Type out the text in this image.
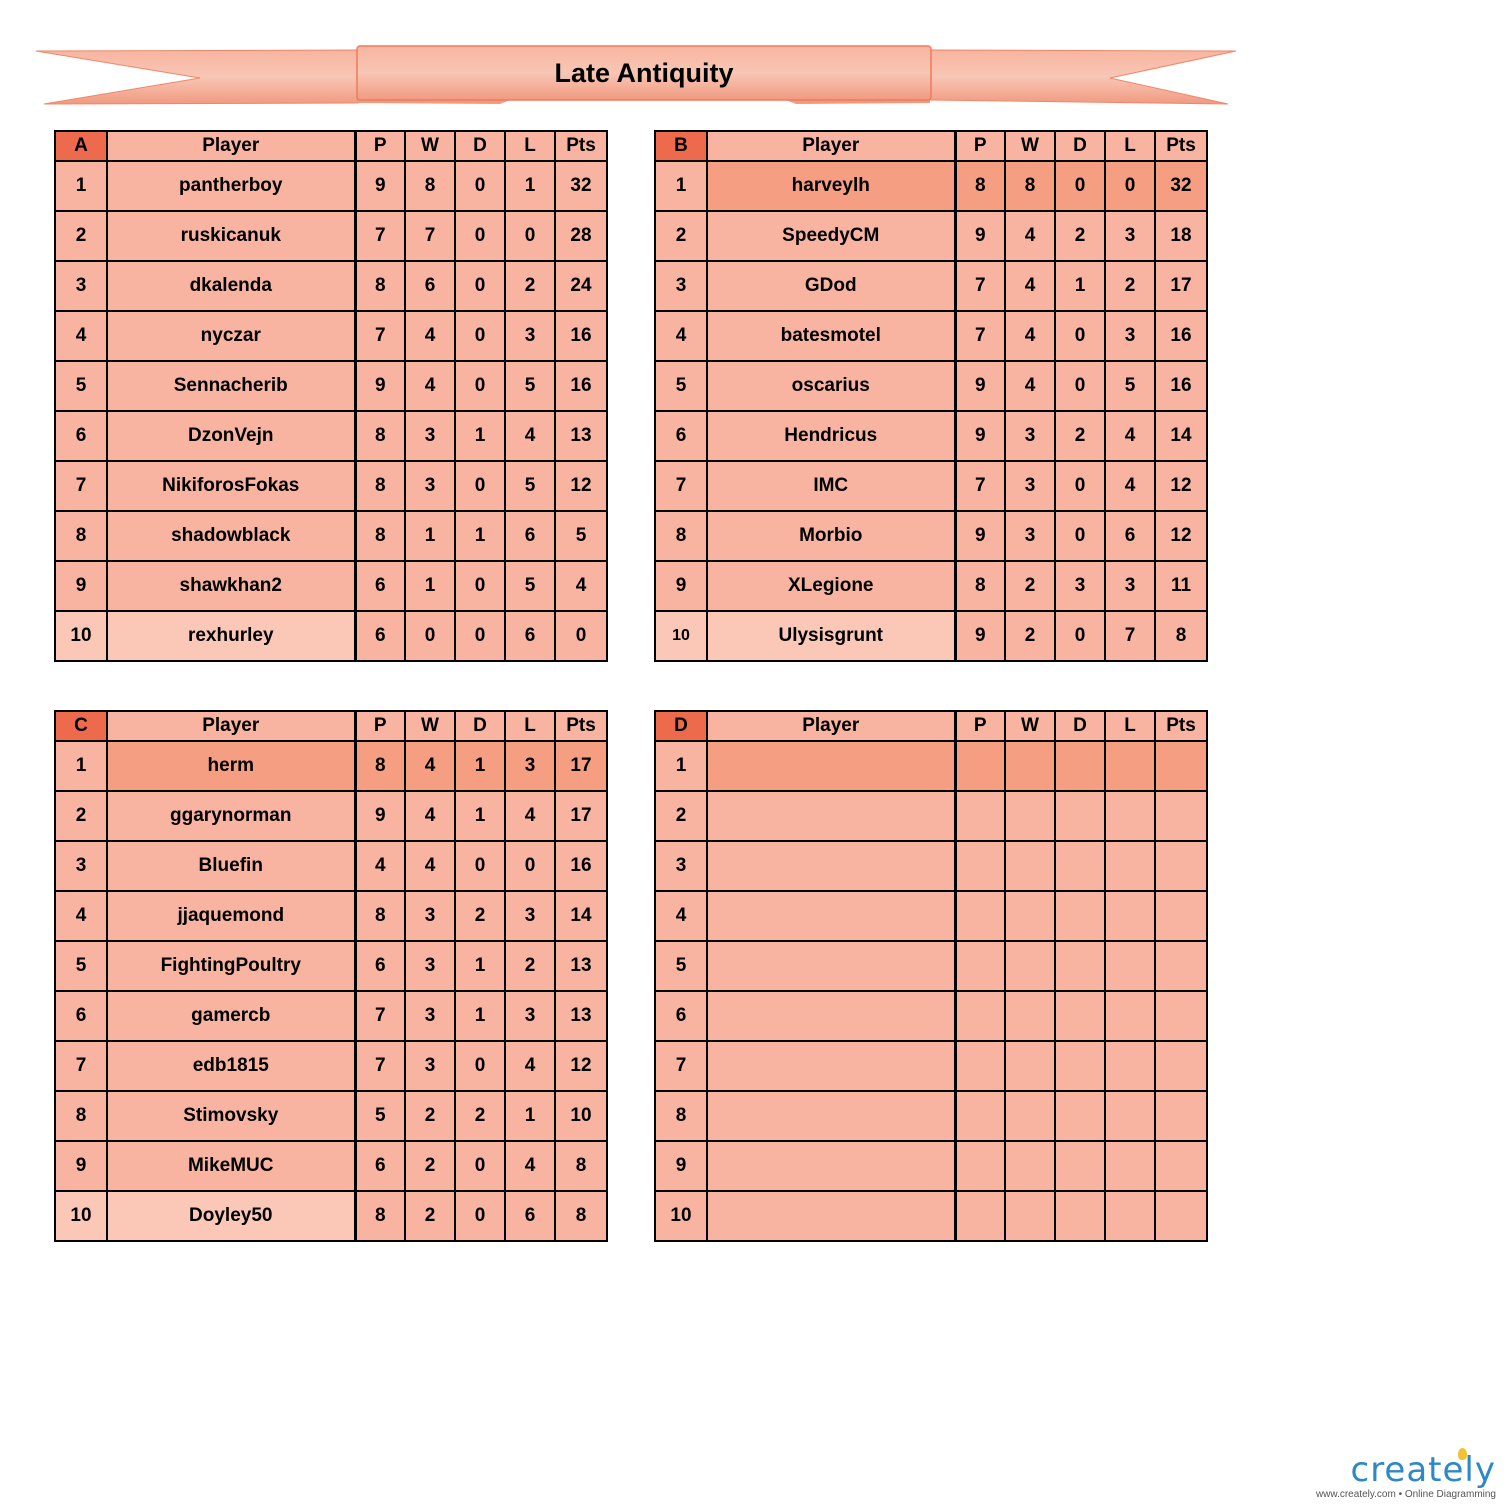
Late Antiquity
A	Player	P	W	D	L	Pts
1	pantherboy	9	8	0	1	32
2	ruskicanuk	7	7	0	0	28
3	dkalenda	8	6	0	2	24
4	nyczar	7	4	0	3	16
5	Sennacherib	9	4	0	5	16
6	DzonVejn	8	3	1	4	13
7	NikiforosFokas	8	3	0	5	12
8	shadowblack	8	1	1	6	5
9	shawkhan2	6	1	0	5	4
10	rexhurley	6	0	0	6	0
B	Player	P	W	D	L	Pts
1	harveylh	8	8	0	0	32
2	SpeedyCM	9	4	2	3	18
3	GDod	7	4	1	2	17
4	batesmotel	7	4	0	3	16
5	oscarius	9	4	0	5	16
6	Hendricus	9	3	2	4	14
7	IMC	7	3	0	4	12
8	Morbio	9	3	0	6	12
9	XLegione	8	2	3	3	11
10	Ulysisgrunt	9	2	0	7	8
C	Player	P	W	D	L	Pts
1	herm	8	4	1	3	17
2	ggarynorman	9	4	1	4	17
3	Bluefin	4	4	0	0	16
4	jjaquemond	8	3	2	3	14
5	FightingPoultry	6	3	1	2	13
6	gamercb	7	3	1	3	13
7	edb1815	7	3	0	4	12
8	Stimovsky	5	2	2	1	10
9	MikeMUC	6	2	0	4	8
10	Doyley50	8	2	0	6	8
D	Player	P	W	D	L	Pts
1						
2						
3						
4						
5						
6						
7						
8						
9						
10						
creately
www.creately.com • Online Diagramming
